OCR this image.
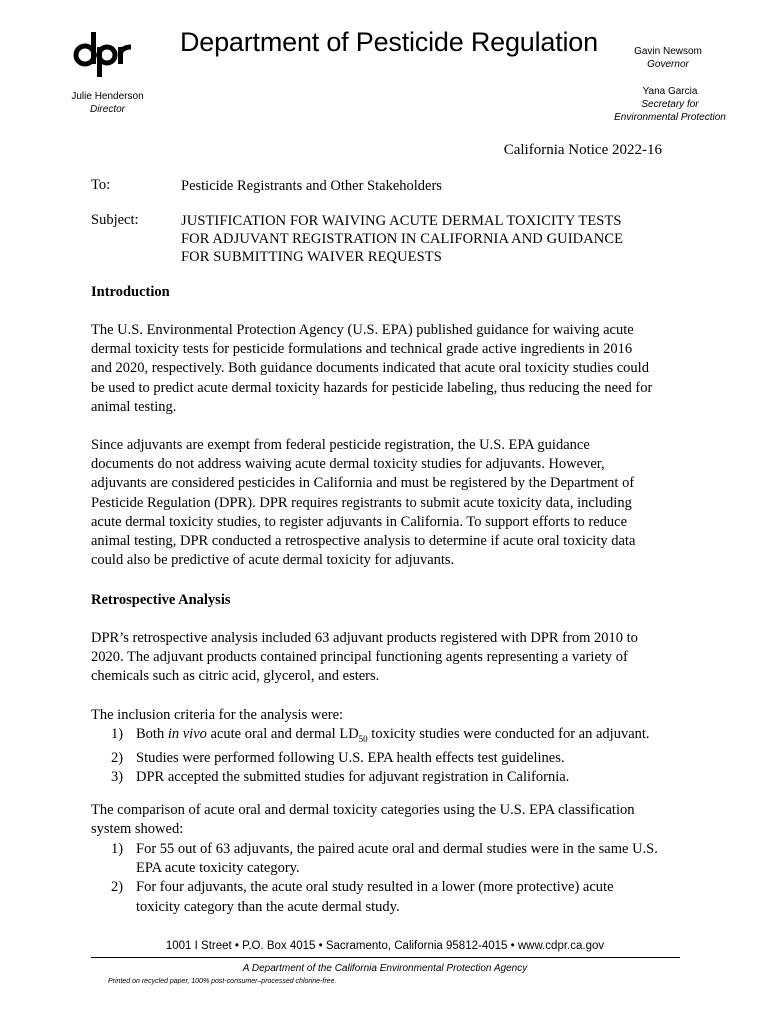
Department of Pesticide Regulation	Gavin Newsom
Governor
Yana Garcia
Secretary for
Environmental Protection
Julie Henderson
Director
California Notice 2022-16
To:	Pesticide Registrants and Other Stakeholders
Subject:	JUSTIFICATION FOR WAIVING ACUTE DERMAL TOXICITY TESTS
FOR ADJUVANT REGISTRATION IN CALIFORNIA AND GUIDANCE
FOR SUBMITTING WAIVER REQUESTS
Introduction
The U.S. Environmental Protection Agency (U.S. EPA) published guidance for waiving acute
dermal toxicity tests for pesticide formulations and technical grade active ingredients in 2016
and 2020, respectively. Both guidance documents indicated that acute oral toxicity studies could
be used to predict acute dermal toxicity hazards for pesticide labeling, thus reducing the need for
animal testing.
Since adjuvants are exempt from federal pesticide registration, the U.S. EPA guidance
documents do not address waiving acute dermal toxicity studies for adjuvants. However,
adjuvants are considered pesticides in California and must be registered by the Department of
Pesticide Regulation (DPR). DPR requires registrants to submit acute toxicity data, including
acute dermal toxicity studies, to register adjuvants in California. To support efforts to reduce
animal testing, DPR conducted a retrospective analysis to determine if acute oral toxicity data
could also be predictive of acute dermal toxicity for adjuvants.
Retrospective Analysis
DPR’s retrospective analysis included 63 adjuvant products registered with DPR from 2010 to
2020. The adjuvant products contained principal functioning agents representing a variety of
chemicals such as citric acid, glycerol, and esters.
The inclusion criteria for the analysis were:
1) Both in vivo acute oral and dermal $LD_{50}$ toxicity studies were conducted for an adjuvant.
2) Studies were performed following U.S. EPA health effects test guidelines.
3) DPR accepted the submitted studies for adjuvant registration in California.
The comparison of acute oral and dermal toxicity categories using the U.S. EPA classification
system showed:
1) For 55 out of 63 adjuvants, the paired acute oral and dermal studies were in the same U.S.
EPA acute toxicity category.
2) For four adjuvants, the acute oral study resulted in a lower (more protective) acute
toxicity category than the acute dermal study.
1001 I Street • P.O. Box 4015 • Sacramento, California 95812-4015 • www.cdpr.ca.gov
A Department of the California Environmental Protection Agency
Printed on recycled paper, 100% post-consumer–processed chlorine-free.
